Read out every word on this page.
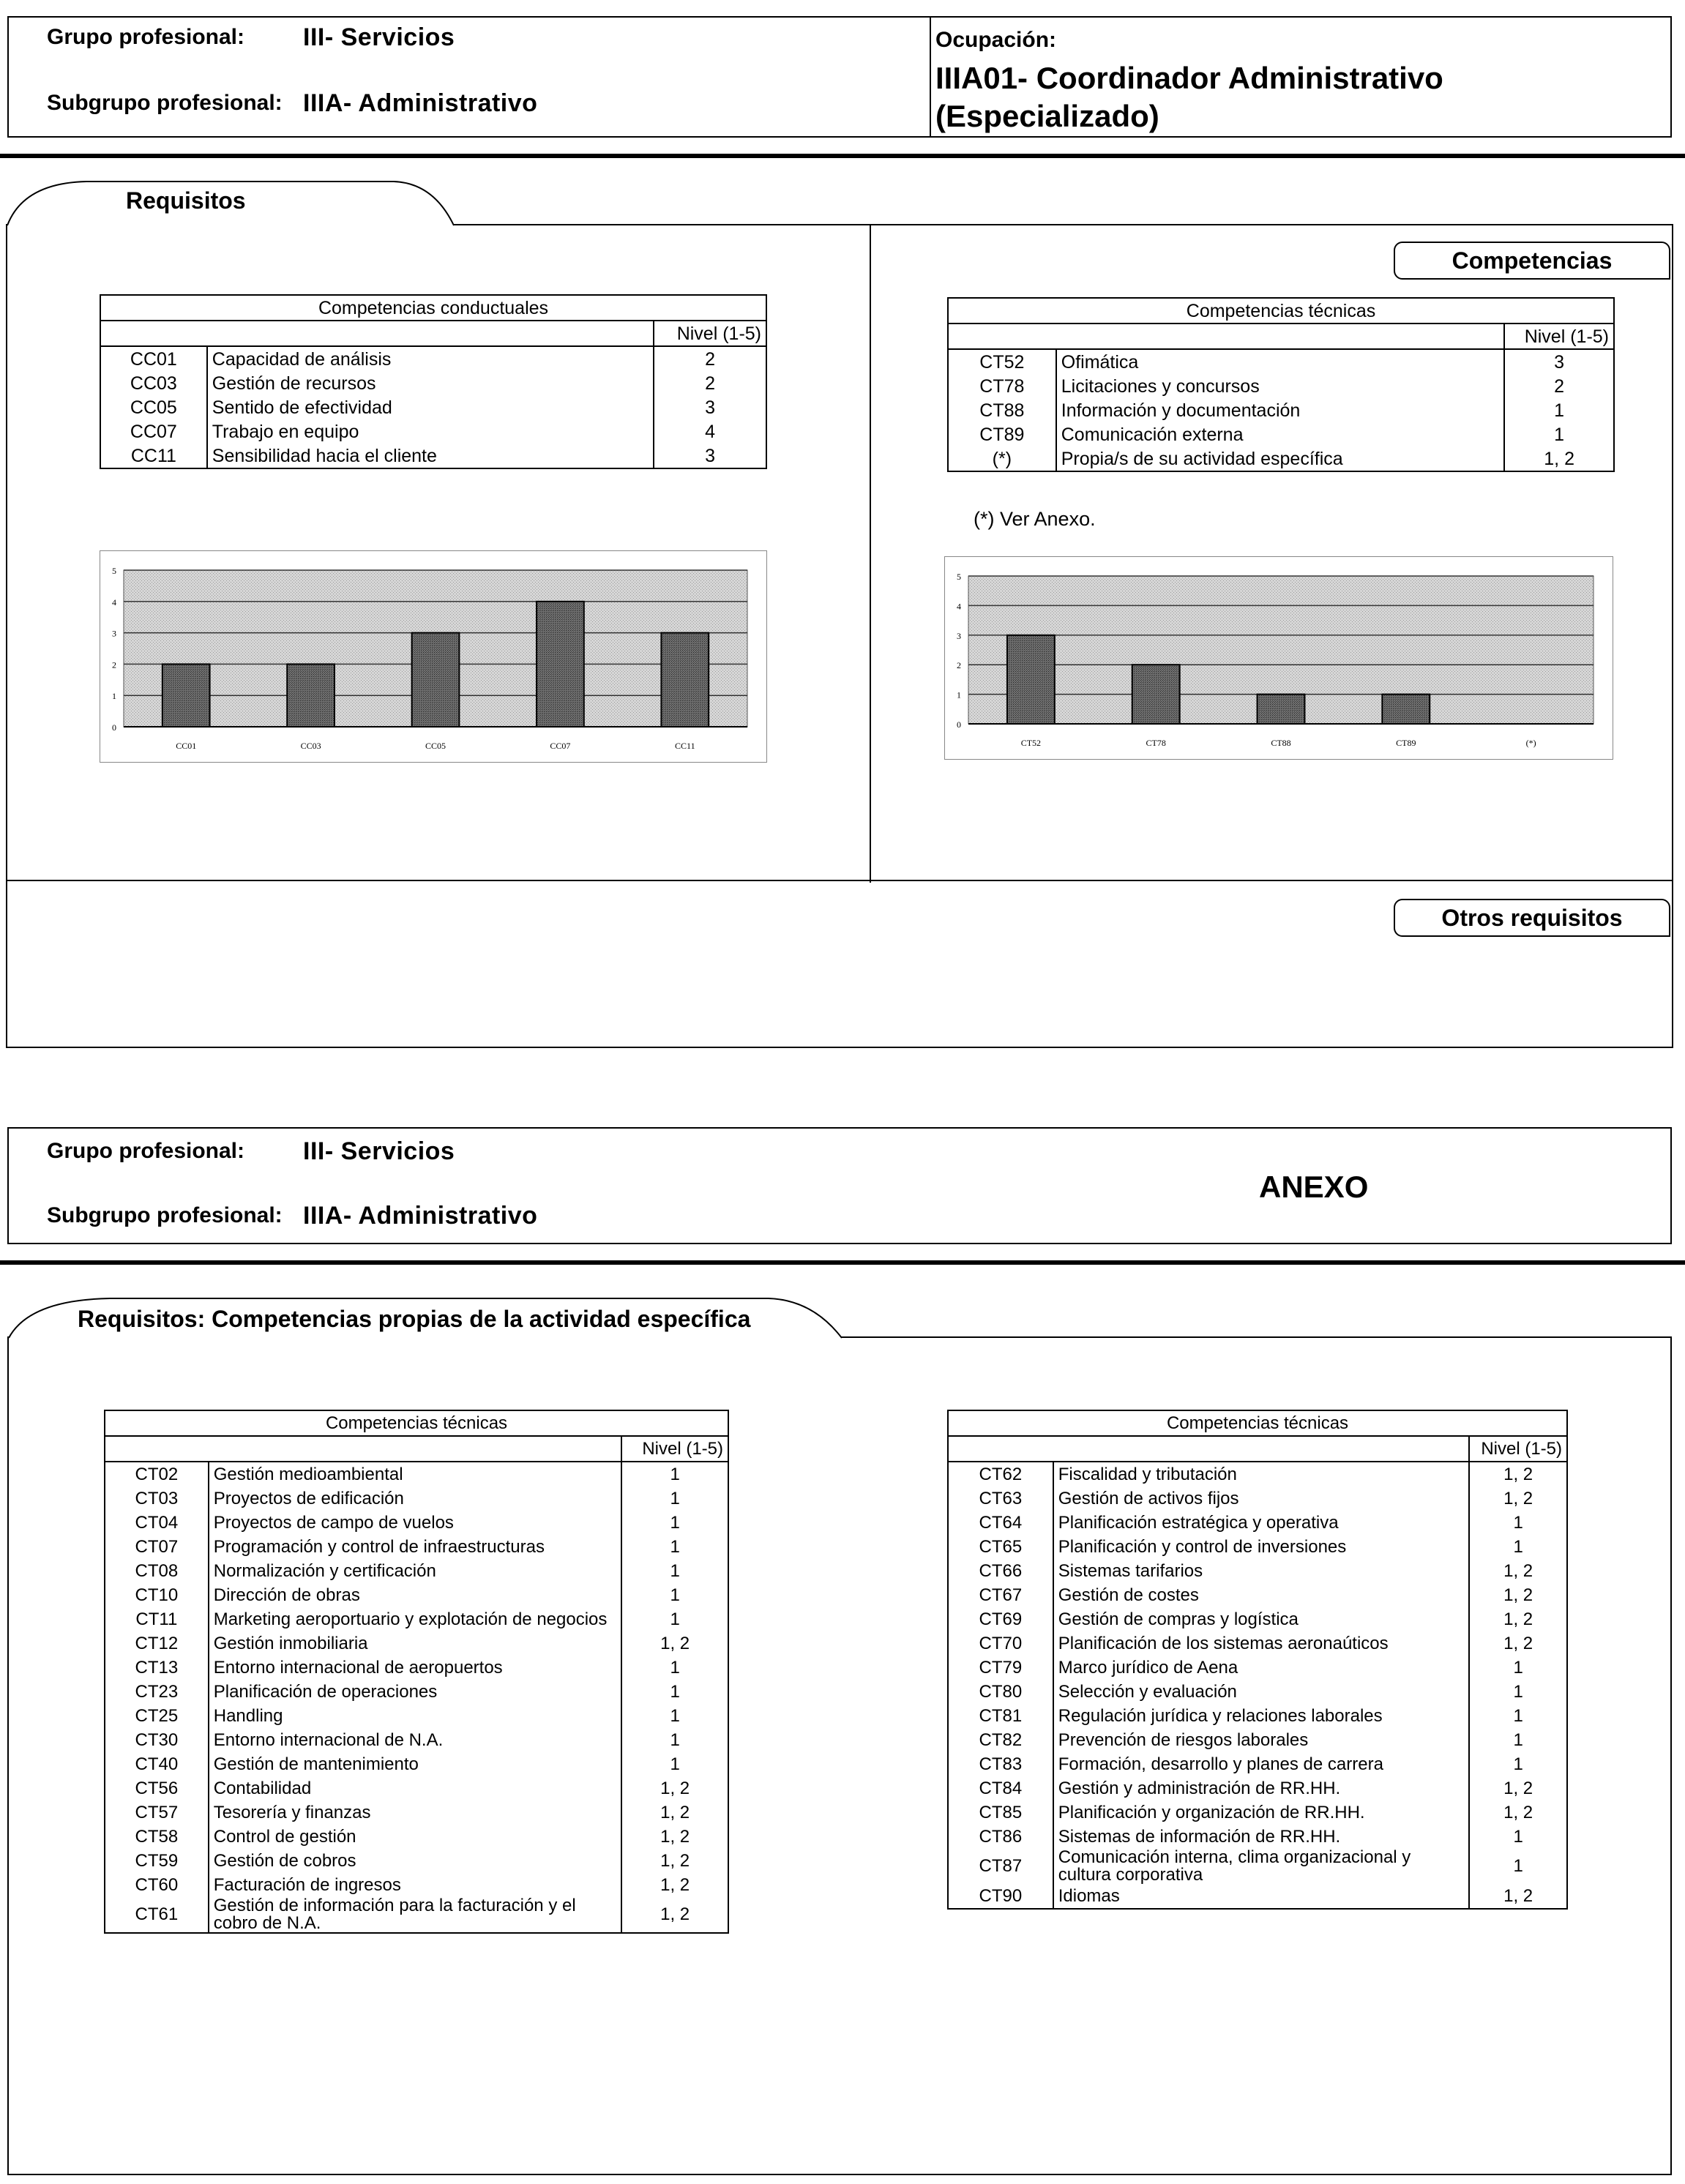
Grupo profesional: III- Servicios
Subgrupo profesional: IIIA- Administrativo
Ocupación:
IIIA01- Coordinador Administrativo
(Especializado)
Requisitos
Competencias
Otros requisitos
Competencias conductuales		
		Nivel (1-5)
CC01	Capacidad de análisis	2
CC03	Gestión de recursos	2
CC05	Sentido de efectividad	3
CC07	Trabajo en equipo	4
CC11	Sensibilidad hacia el cliente	3
Competencias técnicas		
		Nivel (1-5)
CT52	Ofimática	3
CT78	Licitaciones y concursos	2
CT88	Información y documentación	1
CT89	Comunicación externa	1
(*)	Propia/s de su actividad específica	1, 2
(*) Ver Anexo.
0
1
2
3
4
5
CC01	CC03	CC05	CC07	CC11
0
1
2
3
4
5
CT52	CT78	CT88	CT89	(*)
Grupo profesional: III- Servicios
Subgrupo profesional: IIIA- Administrativo
ANEXO
Requisitos: Competencias propias de la actividad específica
Competencias técnicas		
		Nivel (1-5)
CT02	Gestión medioambiental	1
CT03	Proyectos de edificación	1
CT04	Proyectos de campo de vuelos	1
CT07	Programación y control de infraestructuras	1
CT08	Normalización y certificación	1
CT10	Dirección de obras	1
CT11	Marketing aeroportuario y explotación de negocios	1
CT12	Gestión inmobiliaria	1, 2
CT13	Entorno internacional de aeropuertos	1
CT23	Planificación de operaciones	1
CT25	Handling	1
CT30	Entorno internacional de N.A.	1
CT40	Gestión de mantenimiento	1
CT56	Contabilidad	1, 2
CT57	Tesorería y finanzas	1, 2
CT58	Control de gestión	1, 2
CT59	Gestión de cobros	1, 2
CT60	Facturación de ingresos	1, 2
CT61	Gestión de información para la facturación y el cobro de N.A.	1, 2
Competencias técnicas		
		Nivel (1-5)
CT62	Fiscalidad y tributación	1, 2
CT63	Gestión de activos fijos	1, 2
CT64	Planificación estratégica y operativa	1
CT65	Planificación y control de inversiones	1
CT66	Sistemas tarifarios	1, 2
CT67	Gestión de costes	1, 2
CT69	Gestión de compras y logística	1, 2
CT70	Planificación de los sistemas aeronaúticos	1, 2
CT79	Marco jurídico de Aena	1
CT80	Selección y evaluación	1
CT81	Regulación jurídica y relaciones laborales	1
CT82	Prevención de riesgos laborales	1
CT83	Formación, desarrollo y planes de carrera	1
CT84	Gestión y administración de RR.HH.	1, 2
CT85	Planificación y organización de RR.HH.	1, 2
CT86	Sistemas de información de RR.HH.	1
CT87	Comunicación interna, clima organizacional y cultura corporativa	1
CT90	Idiomas	1, 2
